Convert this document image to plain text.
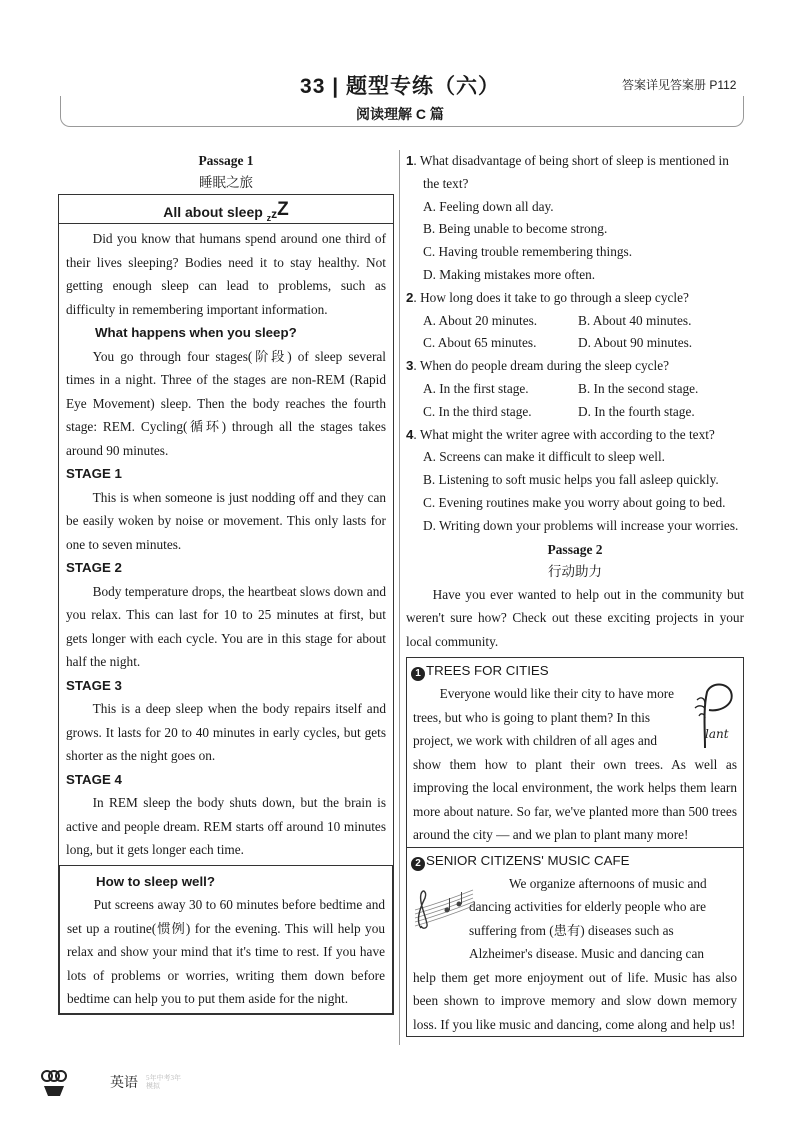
33 | 题型专练（六）	答案详见答案册 P112
阅读理解 C 篇
Passage 1
睡眠之旅
All about sleep $_z$zZ
Did you know that humans spend around one third of their lives sleeping? Bodies need it to stay healthy. Not getting enough sleep can lead to problems, such as difficulty in remembering important information.
What happens when you sleep?
You go through four stages(阶段) of sleep several times in a night. Three of the stages are non-REM (Rapid Eye Movement) sleep. Then the body reaches the fourth stage: REM. Cycling(循环) through all the stages takes around 90 minutes.
STAGE 1
This is when someone is just nodding off and they can be easily woken by noise or movement. This only lasts for one to seven minutes.
STAGE 2
Body temperature drops, the heartbeat slows down and you relax. This can last for 10 to 25 minutes at first, but gets longer with each cycle. You are in this stage for about half the night.
STAGE 3
This is a deep sleep when the body repairs itself and grows. It lasts for 20 to 40 minutes in early cycles, but gets shorter as the night goes on.
STAGE 4
In REM sleep the body shuts down, but the brain is active and people dream. REM starts off around 10 minutes long, but it gets longer each time.
How to sleep well?
Put screens away 30 to 60 minutes before bedtime and set up a routine(惯例) for the evening. This will help you relax and show your mind that it's time to rest. If you have lots of problems or worries, writing them down before bedtime can help you to put them aside for the night.
1. What disadvantage of being short of sleep is mentioned in the text?
A. Feeling down all day.
B. Being unable to become strong.
C. Having trouble remembering things.
D. Making mistakes more often.
2. How long does it take to go through a sleep cycle?
A. About 20 minutes.	B. About 40 minutes.
C. About 65 minutes.	D. About 90 minutes.
3. When do people dream during the sleep cycle?
A. In the first stage.	B. In the second stage.
C. In the third stage.	D. In the fourth stage.
4. What might the writer agree with according to the text?
A. Screens can make it difficult to sleep well.
B. Listening to soft music helps you fall asleep quickly.
C. Evening routines make you worry about going to bed.
D. Writing down your problems will increase your worries.
Passage 2
行动助力
Have you ever wanted to help out in the community but weren't sure how? Check out these exciting projects in your local community.
1 TREES FOR CITIES
lant
Everyone would like their city to have more
trees, but who is going to plant them? In this
project, we work with children of all ages and
show them how to plant their own trees. As well as improving the local environment, the work helps them learn more about nature. So far, we've planted more than 500 trees around the city — and we plan to plant many more!
2 SENIOR CITIZENS' MUSIC CAFE
We organize afternoons of music and
dancing activities for elderly people who are
suffering from (患有) diseases such as
Alzheimer's disease. Music and dancing can
help them get more enjoyment out of life. Music has also been shown to improve memory and slow down memory loss. If you like music and dancing, come along and help us!
英语 5年中考3年模拟
